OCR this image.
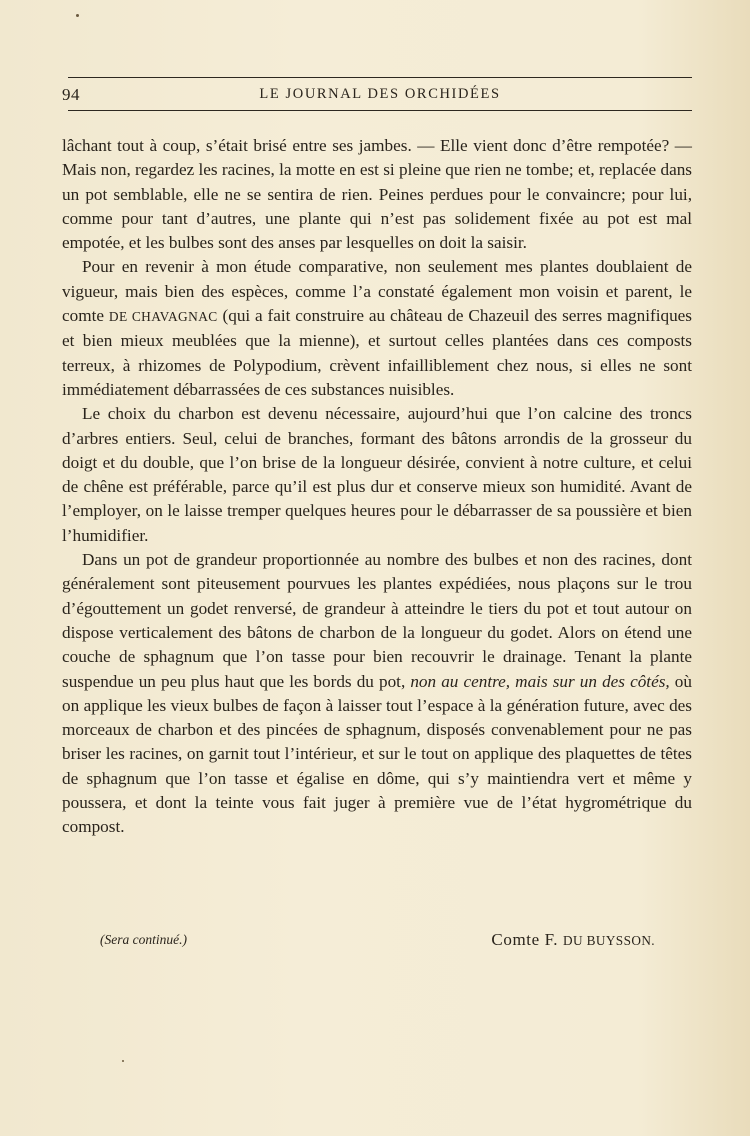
94	LE JOURNAL DES ORCHIDÉES

lâchant tout à coup, s’était brisé entre ses jambes. — Elle vient donc d’être rempotée? — Mais non, regardez les racines, la motte en est si pleine que rien ne tombe; et, replacée dans un pot semblable, elle ne se sentira de rien. Peines perdues pour le convaincre; pour lui, comme pour tant d’autres, une plante qui n’est pas solidement fixée au pot est mal empotée, et les bulbes sont des anses par lesquelles on doit la saisir.

Pour en revenir à mon étude comparative, non seulement mes plantes doublaient de vigueur, mais bien des espèces, comme l’a constaté également mon voisin et parent, le comte DE CHAVAGNAC (qui a fait construire au château de Chazeuil des serres magnifiques et bien mieux meublées que la mienne), et surtout celles plantées dans ces composts terreux, à rhizomes de Polypodium, crèvent infailliblement chez nous, si elles ne sont immédiatement débarrassées de ces substances nuisibles.

Le choix du charbon est devenu nécessaire, aujourd’hui que l’on calcine des troncs d’arbres entiers. Seul, celui de branches, formant des bâtons arrondis de la grosseur du doigt et du double, que l’on brise de la longueur désirée, convient à notre culture, et celui de chêne est préférable, parce qu’il est plus dur et conserve mieux son humidité. Avant de l’employer, on le laisse tremper quelques heures pour le débarrasser de sa poussière et bien l’humidifier.

Dans un pot de grandeur proportionnée au nombre des bulbes et non des racines, dont généralement sont piteusement pourvues les plantes expédiées, nous plaçons sur le trou d’égouttement un godet renversé, de grandeur à atteindre le tiers du pot et tout autour on dispose verticalement des bâtons de charbon de la longueur du godet. Alors on étend une couche de sphagnum que l’on tasse pour bien recouvrir le drainage. Tenant la plante suspendue un peu plus haut que les bords du pot, non au centre, mais sur un des côtés, où on applique les vieux bulbes de façon à laisser tout l’espace à la génération future, avec des morceaux de charbon et des pincées de sphagnum, disposés convenablement pour ne pas briser les racines, on garnit tout l’intérieur, et sur le tout on applique des plaquettes de têtes de sphagnum que l’on tasse et égalise en dôme, qui s’y maintiendra vert et même y poussera, et dont la teinte vous fait juger à première vue de l’état hygrométrique du compost.

(Sera continué.)	Comte F. DU BUYSSON.
